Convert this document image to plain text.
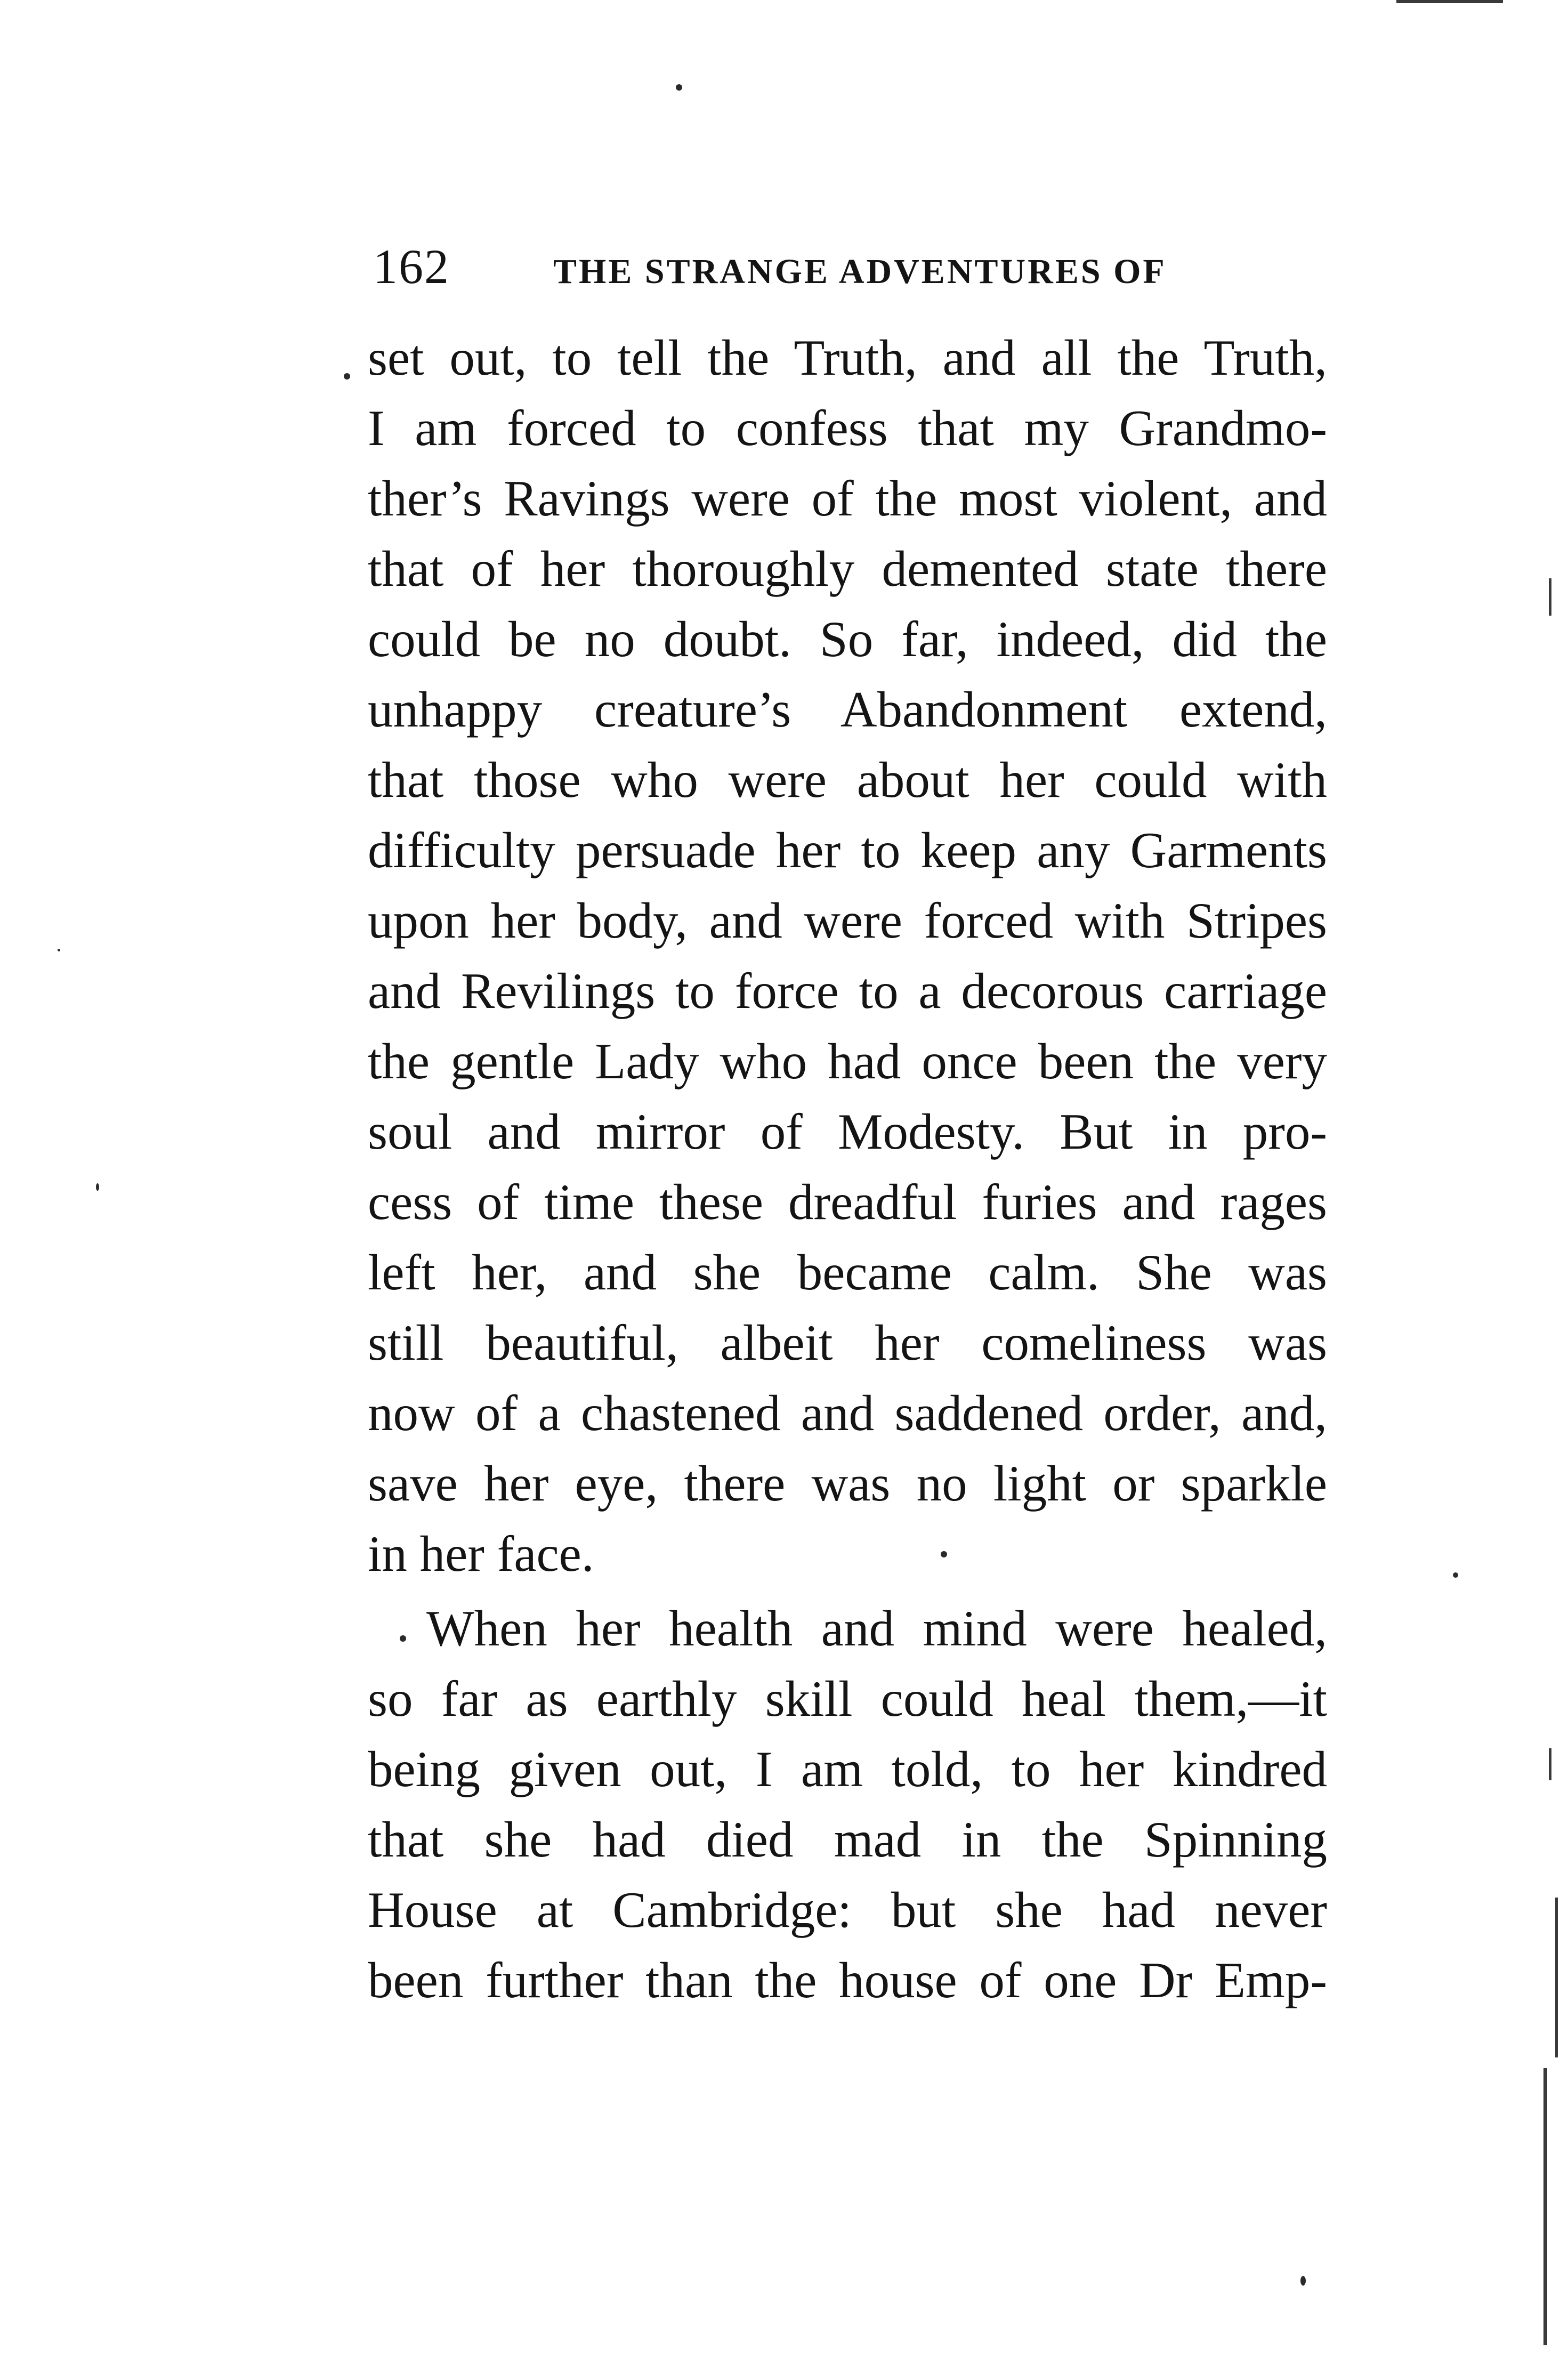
162	THE STRANGE ADVENTURES OF
set out, to tell the Truth, and all the Truth,
I am forced to confess that my Grandmo-
ther’s Ravings were of the most violent, and
that of her thoroughly demented state there
could be no doubt. So far, indeed, did the
unhappy creature’s Abandonment extend,
that those who were about her could with
difficulty persuade her to keep any Garments
upon her body, and were forced with Stripes
and Revilings to force to a decorous carriage
the gentle Lady who had once been the very
soul and mirror of Modesty. But in pro-
cess of time these dreadful furies and rages
left her, and she became calm. She was
still beautiful, albeit her comeliness was
now of a chastened and saddened order, and,
save her eye, there was no light or sparkle
in her face.
When her health and mind were healed,
so far as earthly skill could heal them,—it
being given out, I am told, to her kindred
that she had died mad in the Spinning
House at Cambridge: but she had never
been further than the house of one Dr Emp-
